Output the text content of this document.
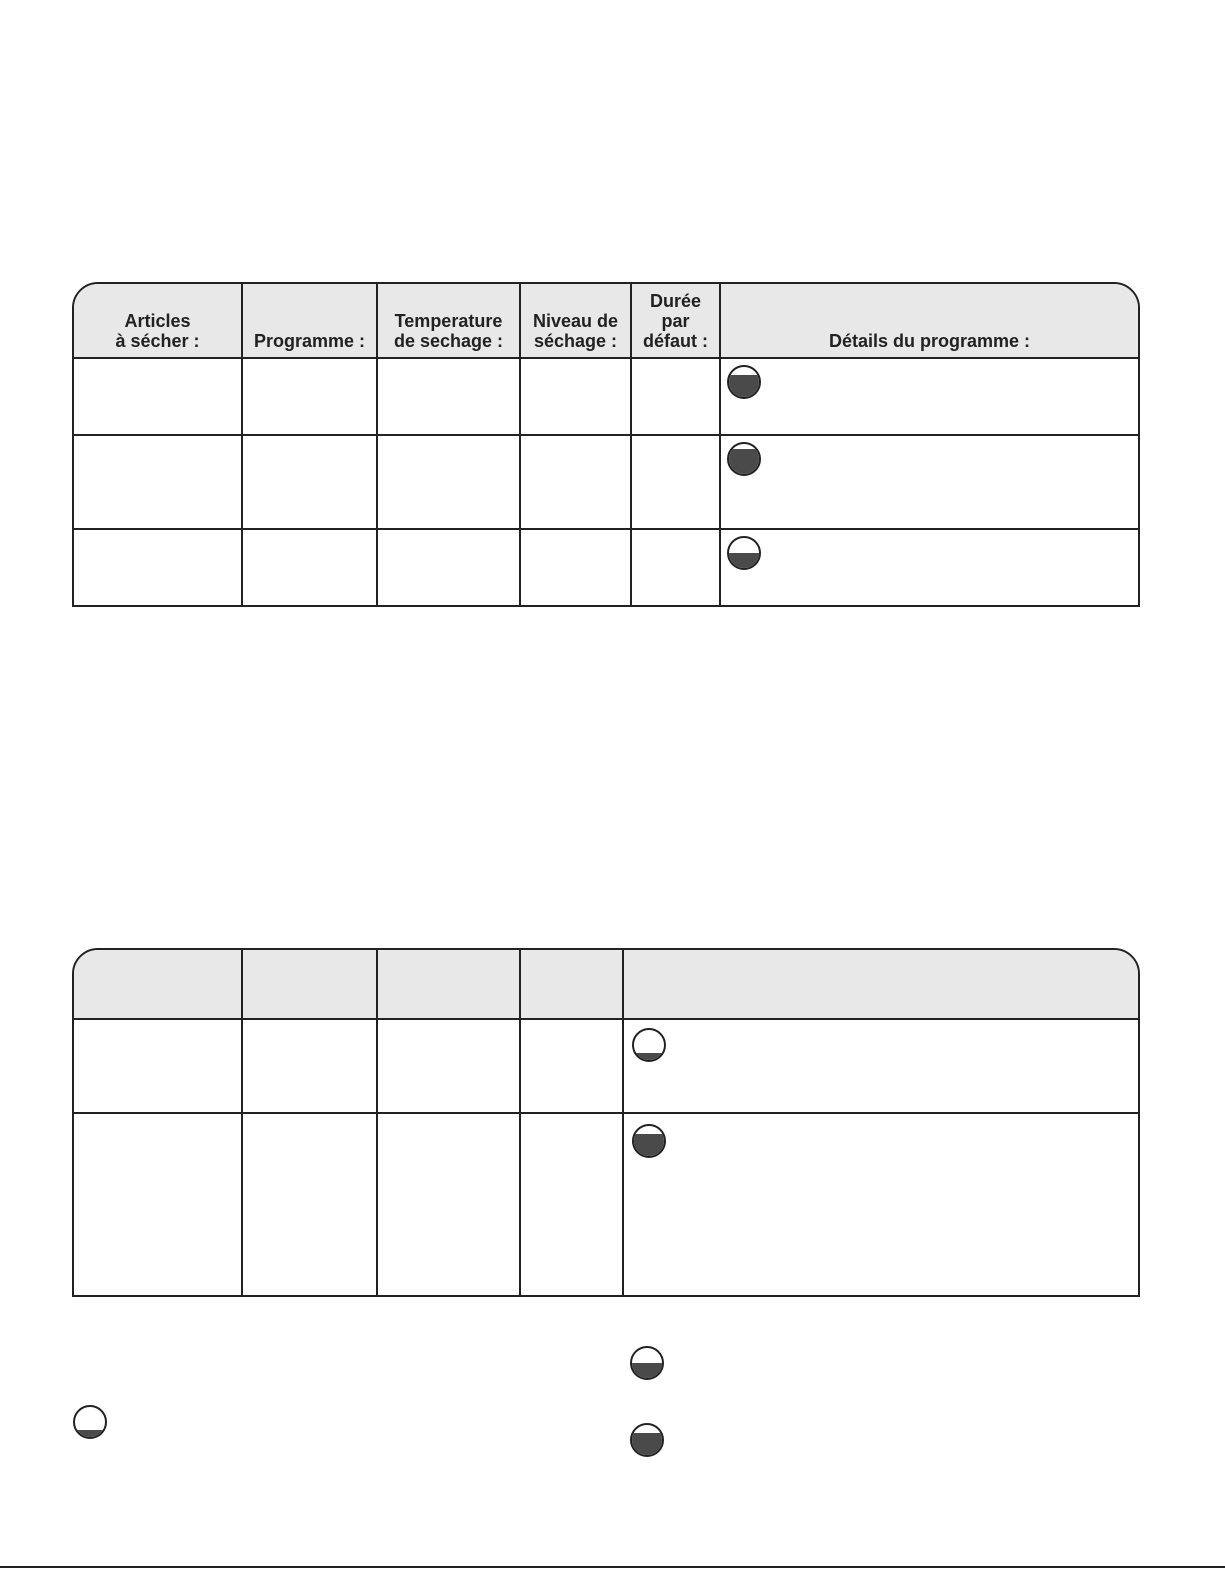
Articles
à sécher :	Programme :
Temperature
de sechage :
Niveau de
séchage :
Durée
par
défaut :	Détails du programme :
